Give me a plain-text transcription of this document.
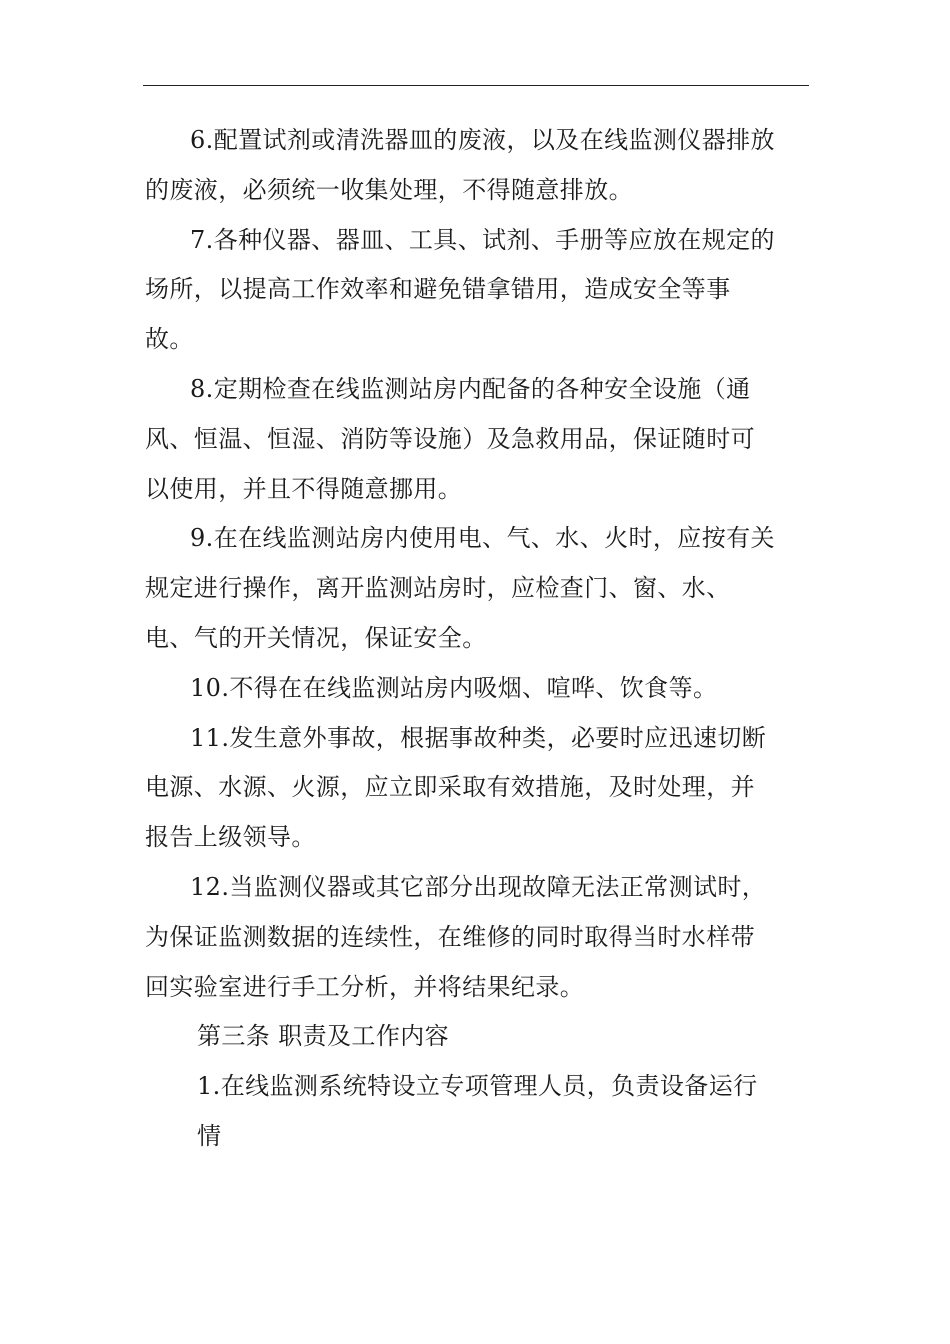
6.配置试剂或清洗器皿的废液，以及在线监测仪器排放
的废液，必须统一收集处理，不得随意排放。
7.各种仪器、器皿、工具、试剂、手册等应放在规定的
场所，以提高工作效率和避免错拿错用，造成安全等事
故。
8.定期检查在线监测站房内配备的各种安全设施（通
风、恒温、恒湿、消防等设施）及急救用品，保证随时可
以使用，并且不得随意挪用。
9.在在线监测站房内使用电、气、水、火时，应按有关
规定进行操作，离开监测站房时，应检查门、窗、水、
电、气的开关情况，保证安全。
10.不得在在线监测站房内吸烟、喧哗、饮食等。
11.发生意外事故，根据事故种类，必要时应迅速切断
电源、水源、火源，应立即采取有效措施，及时处理，并
报告上级领导。
12.当监测仪器或其它部分出现故障无法正常测试时，
为保证监测数据的连续性，在维修的同时取得当时水样带
回实验室进行手工分析，并将结果纪录。
第三条 职责及工作内容
1.在线监测系统特设立专项管理人员，负责设备运行
情
